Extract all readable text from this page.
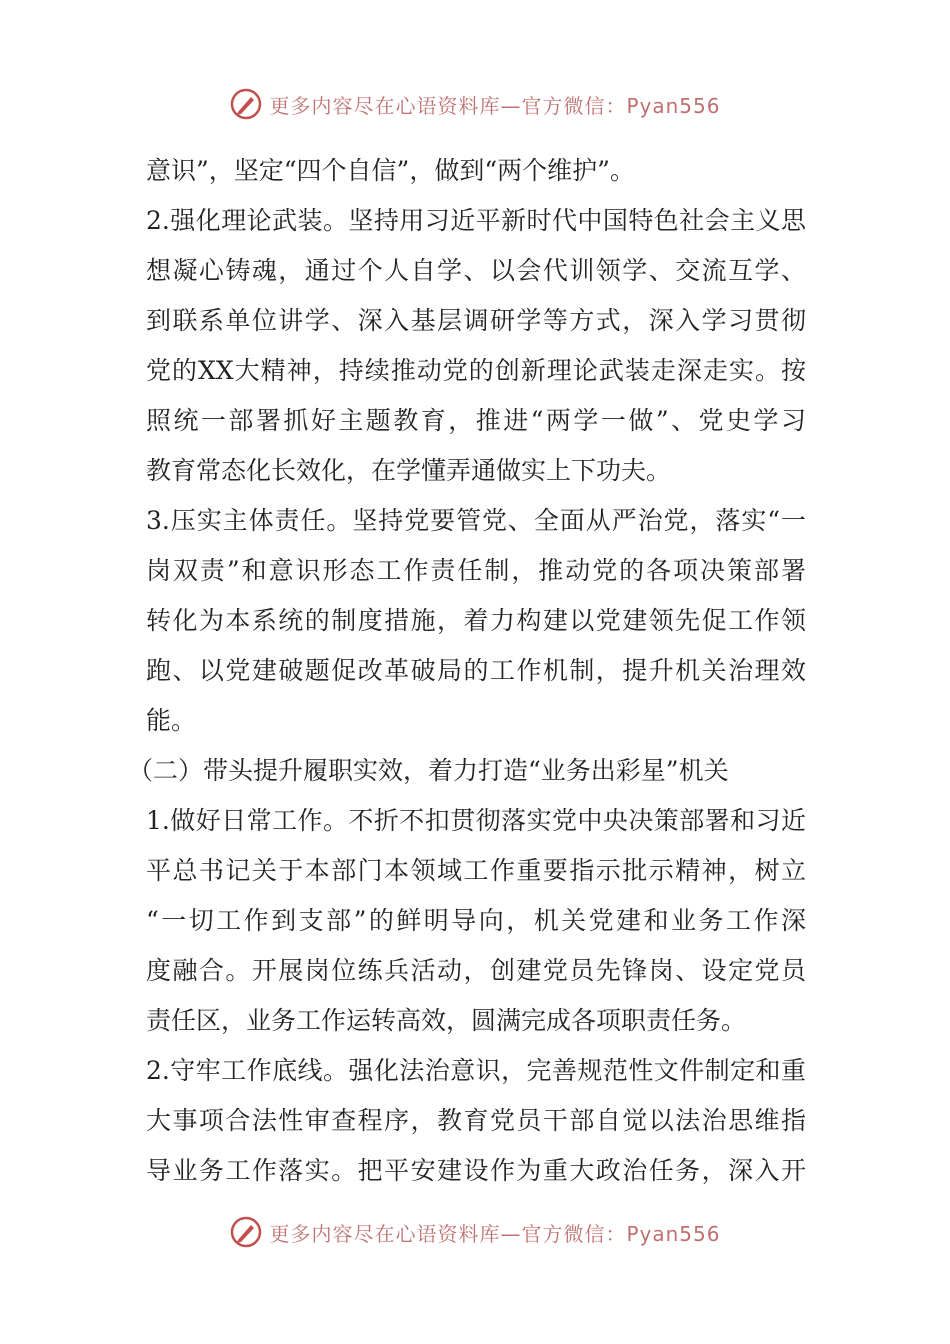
更多内容尽在心语资料库—官方微信：Pyan556
意识”，坚定“四个自信”，做到“两个维护”。
2.强化理论武装。坚持用习近平新时代中国特色社会主义思
想凝心铸魂，通过个人自学、以会代训领学、交流互学、
到联系单位讲学、深入基层调研学等方式，深入学习贯彻
党的XX大精神，持续推动党的创新理论武装走深走实。按
照统一部署抓好主题教育，推进“两学一做”、党史学习
教育常态化长效化，在学懂弄通做实上下功夫。
3.压实主体责任。坚持党要管党、全面从严治党，落实“一
岗双责”和意识形态工作责任制，推动党的各项决策部署
转化为本系统的制度措施，着力构建以党建领先促工作领
跑、以党建破题促改革破局的工作机制，提升机关治理效
能。
（二）带头提升履职实效，着力打造“业务出彩星”机关
1.做好日常工作。不折不扣贯彻落实党中央决策部署和习近
平总书记关于本部门本领域工作重要指示批示精神，树立
“一切工作到支部”的鲜明导向，机关党建和业务工作深
度融合。开展岗位练兵活动，创建党员先锋岗、设定党员
责任区，业务工作运转高效，圆满完成各项职责任务。
2.守牢工作底线。强化法治意识，完善规范性文件制定和重
大事项合法性审查程序，教育党员干部自觉以法治思维指
导业务工作落实。把平安建设作为重大政治任务，深入开
更多内容尽在心语资料库—官方微信：Pyan556
